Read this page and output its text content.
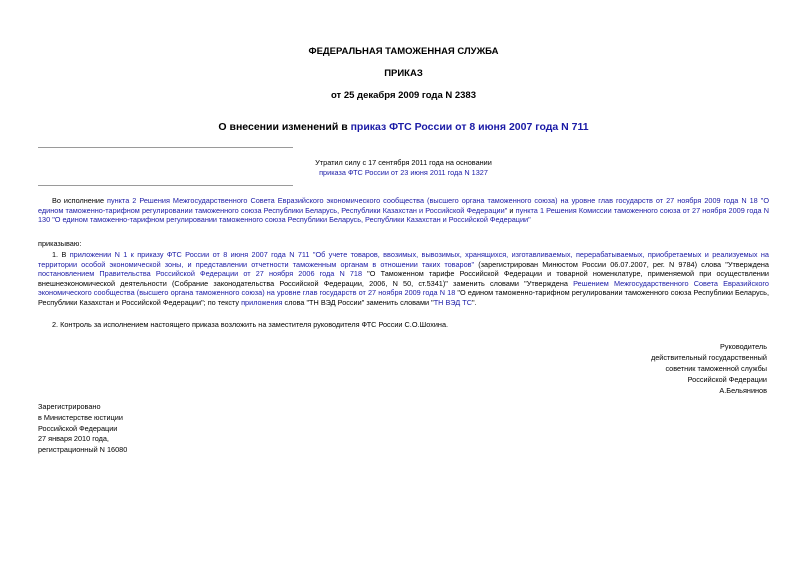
ФЕДЕРАЛЬНАЯ ТАМОЖЕННАЯ СЛУЖБА
ПРИКАЗ
от 25 декабря 2009 года N 2383
О внесении изменений в приказ ФТС России от 8 июня 2007 года N 711
Утратил силу с 17 сентября 2011 года на основании
приказа ФТС России от 23 июня 2011 года N 1327
Во исполнение пункта 2 Решения Межгосударственного Совета Евразийского экономического сообщества (высшего органа таможенного союза) на уровне глав государств от 27 ноября 2009 года N 18 "О едином таможенно-тарифном регулировании таможенного союза Республики Беларусь, Республики Казахстан и Российской Федерации" и пункта 1 Решения Комиссии таможенного союза от 27 ноября 2009 года N 130 "О едином таможенно-тарифном регулировании таможенного союза Республики Беларусь, Республики Казахстан и Российской Федерации"
приказываю:
1. В приложении N 1 к приказу ФТС России от 8 июня 2007 года N 711 "Об учете товаров, ввозимых, вывозимых, хранящихся, изготавливаемых, перерабатываемых, приобретаемых и реализуемых на территории особой экономической зоны, и представлении отчетности таможенным органам в отношении таких товаров" (зарегистрирован Минюстом России 06.07.2007, рег. N 9784) слова "Утверждена постановлением Правительства Российской Федерации от 27 ноября 2006 года N 718 "О Таможенном тарифе Российской Федерации и товарной номенклатуре, применяемой при осуществлении внешнеэкономической деятельности (Собрание законодательства Российской Федерации, 2006, N 50, ст.5341)" заменить словами "Утверждена Решением Межгосударственного Совета Евразийского экономического сообщества (высшего органа таможенного союза) на уровне глав государств от 27 ноября 2009 года N 18 "О едином таможенно-тарифном регулировании таможенного союза Республики Беларусь, Республики Казахстан и Российской Федерации"; по тексту приложения слова "ТН ВЭД России" заменить словами "ТН ВЭД ТС".
2. Контроль за исполнением настоящего приказа возложить на заместителя руководителя ФТС России С.О.Шохина.
Руководитель
действительный государственный
советник таможенной службы
Российской Федерации
А.Бельянинов
Зарегистрировано
в Министерстве юстиции
Российской Федерации
27 января 2010 года,
регистрационный N 16080
